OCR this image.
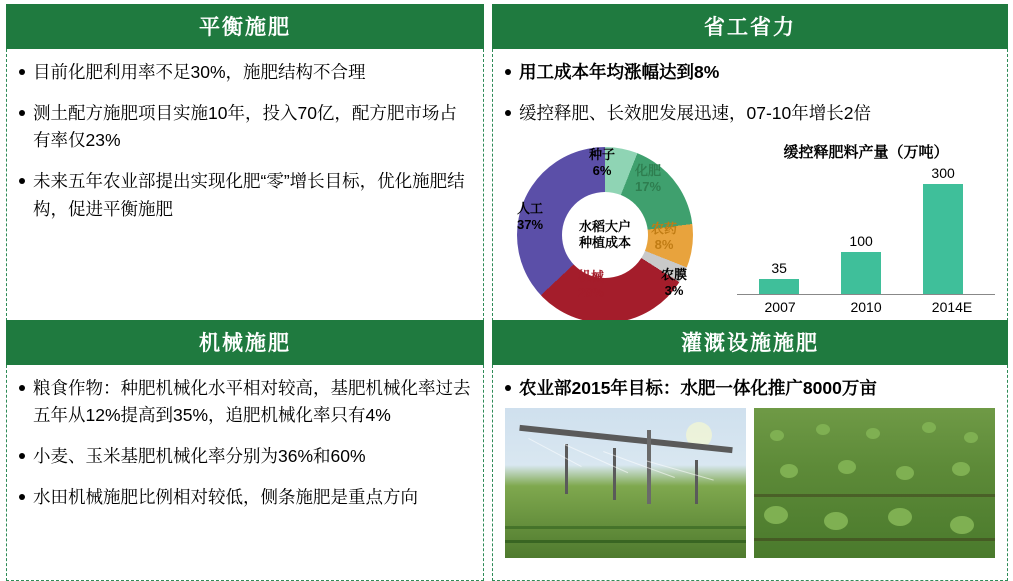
平衡施肥
目前化肥利用率不足30%，施肥结构不合理
测土配方施肥项目实施10年，投入70亿，配方肥市场占有率仅23%
未来五年农业部提出实现化肥“零”增长目标，优化施肥结构，促进平衡施肥
省工省力
用工成本年均涨幅达到8%
缓控释肥、长效肥发展迅速，07-10年增长2倍
水稻大户
种植成本
种子
6%	化肥
17%
农药
8%
农膜
3%
机械
29%
人工
37%
缓控释肥料产量（万吨）
35
100
300
2007	2010	2014E
机械施肥
粮食作物：种肥机械化水平相对较高，基肥机械化率过去五年从12%提高到35%，追肥机械化率只有4%
小麦、玉米基肥机械化率分别为36%和60%
水田机械施肥比例相对较低，侧条施肥是重点方向
灌溉设施施肥
农业部2015年目标：水肥一体化推广8000万亩
